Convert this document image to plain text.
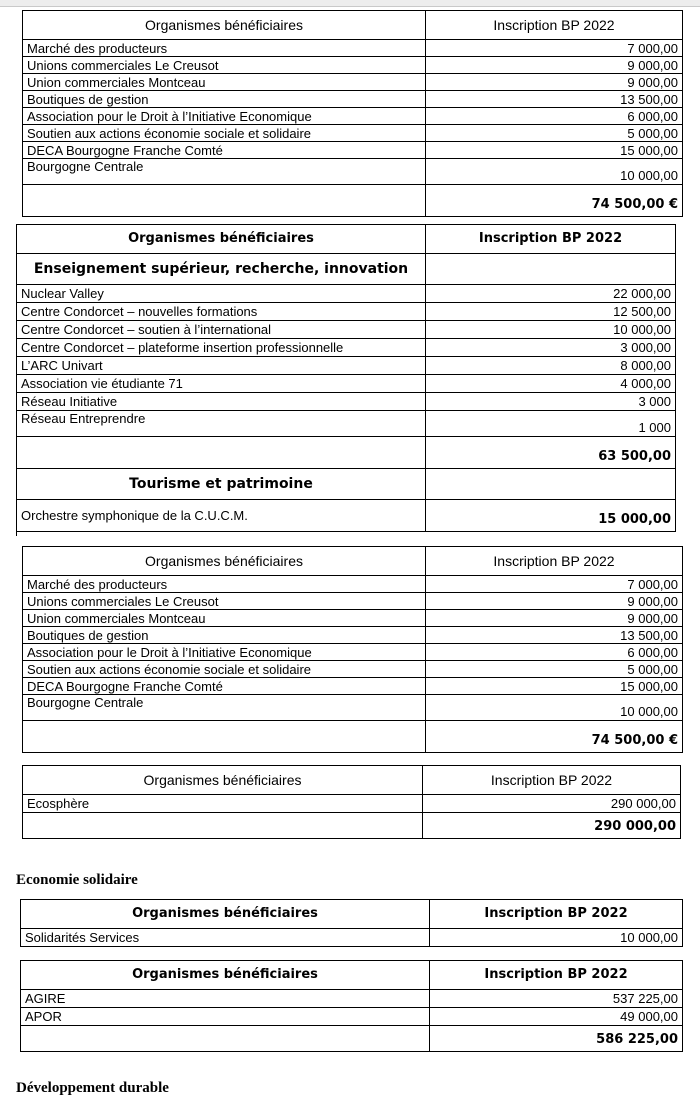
Organismes bénéficiaires	Inscription BP 2022
Marché des producteurs	7 000,00
Unions commerciales Le Creusot	9 000,00
Union commerciales Montceau	9 000,00
Boutiques de gestion	13 500,00
Association pour le Droit à l’Initiative Economique	6 000,00
Soutien aux actions économie sociale et solidaire	5 000,00
DECA Bourgogne Franche Comté	15 000,00
Bourgogne Centrale	10 000,00
	74 500,00 €
Organismes bénéficiaires	Inscription BP 2022
Enseignement supérieur, recherche, innovation	
Nuclear Valley	22 000,00
Centre Condorcet – nouvelles formations	12 500,00
Centre Condorcet – soutien à l’international	10 000,00
Centre Condorcet – plateforme insertion professionnelle	3 000,00
L’ARC Univart	8 000,00
Association vie étudiante 71	4 000,00
Réseau Initiative	3 000
Réseau Entreprendre	1 000
	63 500,00
Tourisme et patrimoine	
Orchestre symphonique de la C.U.C.M.	15 000,00
Organismes bénéficiaires	Inscription BP 2022
Marché des producteurs	7 000,00
Unions commerciales Le Creusot	9 000,00
Union commerciales Montceau	9 000,00
Boutiques de gestion	13 500,00
Association pour le Droit à l’Initiative Economique	6 000,00
Soutien aux actions économie sociale et solidaire	5 000,00
DECA Bourgogne Franche Comté	15 000,00
Bourgogne Centrale	10 000,00
	74 500,00 €
Organismes bénéficiaires	Inscription BP 2022
Ecosphère	290 000,00
	290 000,00
Economie solidaire
Organismes bénéficiaires	Inscription BP 2022
Solidarités Services	10 000,00
Organismes bénéficiaires	Inscription BP 2022
AGIRE	537 225,00
APOR	49 000,00
	586 225,00
Développement durable
